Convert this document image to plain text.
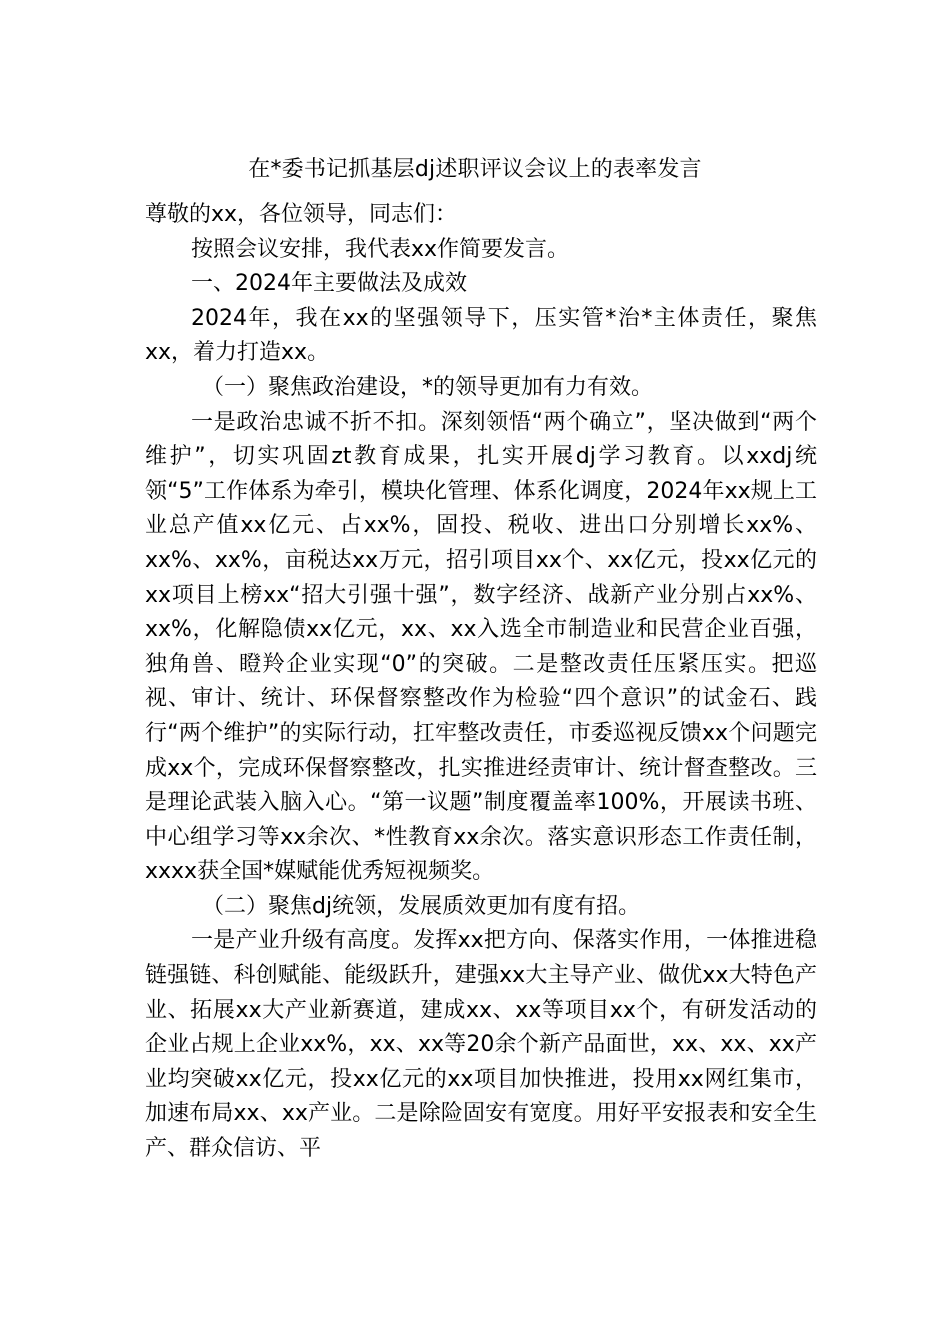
在*委书记抓基层dj述职评议会议上的表率发言

尊敬的xx，各位领导，同志们：

按照会议安排，我代表xx作简要发言。

一、2024年主要做法及成效

2024年，我在xx的坚强领导下，压实管*治*主体责任，聚焦xx，着力打造xx。

（一）聚焦政治建设，*的领导更加有力有效。

一是政治忠诚不折不扣。深刻领悟“两个确立”，坚决做到“两个维护”，切实巩固zt教育成果，扎实开展dj学习教育。以xxdj统领“5”工作体系为牵引，模块化管理、体系化调度，2024年xx规上工业总产值xx亿元、占xx%，固投、税收、进出口分别增长xx%、xx%、xx%，亩税达xx万元，招引项目xx个、xx亿元，投xx亿元的xx项目上榜xx“招大引强十强”，数字经济、战新产业分别占xx%、xx%，化解隐债xx亿元，xx、xx入选全市制造业和民营企业百强，独角兽、瞪羚企业实现“0”的突破。二是整改责任压紧压实。把巡视、审计、统计、环保督察整改作为检验“四个意识”的试金石、践行“两个维护”的实际行动，扛牢整改责任，市委巡视反馈xx个问题完成xx个，完成环保督察整改，扎实推进经责审计、统计督查整改。三是理论武装入脑入心。“第一议题”制度覆盖率100%，开展读书班、中心组学习等xx余次、*性教育xx余次。落实意识形态工作责任制，xxxx获全国*媒赋能优秀短视频奖。

（二）聚焦dj统领，发展质效更加有度有招。

一是产业升级有高度。发挥xx把方向、保落实作用，一体推进稳链强链、科创赋能、能级跃升，建强xx大主导产业、做优xx大特色产业、拓展xx大产业新赛道，建成xx、xx等项目xx个，有研发活动的企业占规上企业xx%，xx、xx等20余个新产品面世，xx、xx、xx产业均突破xx亿元，投xx亿元的xx项目加快推进，投用xx网红集市，加速布局xx、xx产业。二是除险固安有宽度。用好平安报表和安全生产、群众信访、平
